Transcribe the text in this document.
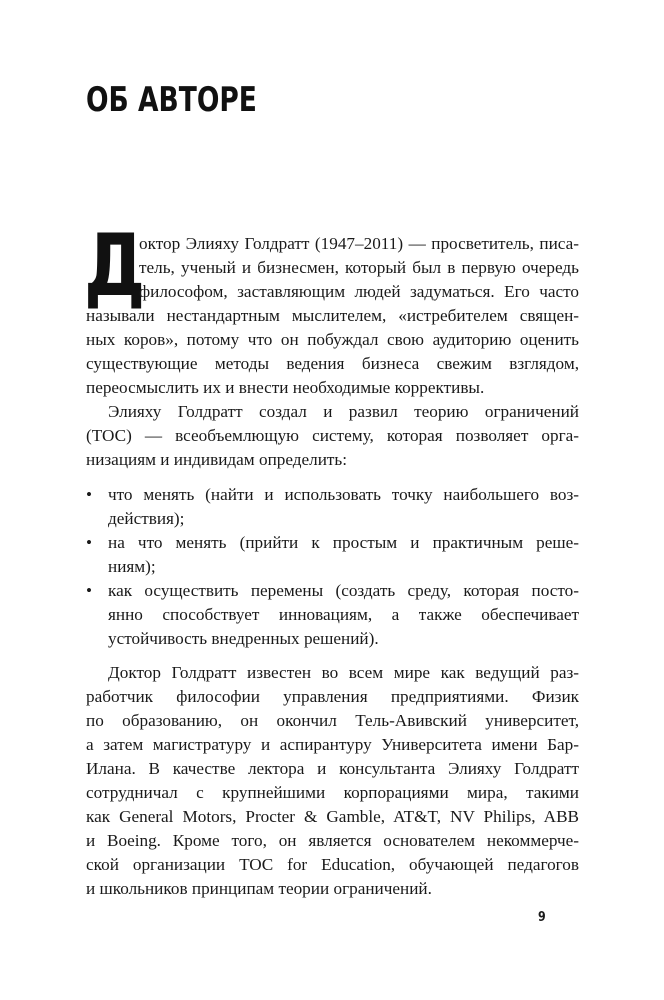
ОБ АВТОРЕ
Д
октор Элияху Голдратт (1947–2011) — просветитель, писа-
тель, ученый и бизнесмен, который был в первую очередь
философом, заставляющим людей задуматься. Его часто
называли нестандартным мыслителем, «истребителем священ-
ных коров», потому что он побуждал свою аудиторию оценить
существующие методы ведения бизнеса свежим взглядом,
переосмыслить их и внести необходимые коррективы.
Элияху Голдратт создал и развил теорию ограничений
(ТОС) — всеобъемлющую систему, которая позволяет орга-
низациям и индивидам определить:
• что менять (найти и использовать точку наибольшего воз-
действия);
• на что менять (прийти к простым и практичным реше-
ниям);
• как осуществить перемены (создать среду, которая посто-
янно способствует инновациям, а также обеспечивает
устойчивость внедренных решений).
Доктор Голдратт известен во всем мире как ведущий раз-
работчик философии управления предприятиями. Физик
по образованию, он окончил Тель-Авивский университет,
а затем магистратуру и аспирантуру Университета имени Бар-
Илана. В качестве лектора и консультанта Элияху Голдратт
сотрудничал с крупнейшими корпорациями мира, такими
как General Motors, Procter & Gamble, AT&T, NV Philips, ABB
и Boeing. Кроме того, он является основателем некоммерче-
ской организации TOC for Education, обучающей педагогов
и школьников принципам теории ограничений.
9
